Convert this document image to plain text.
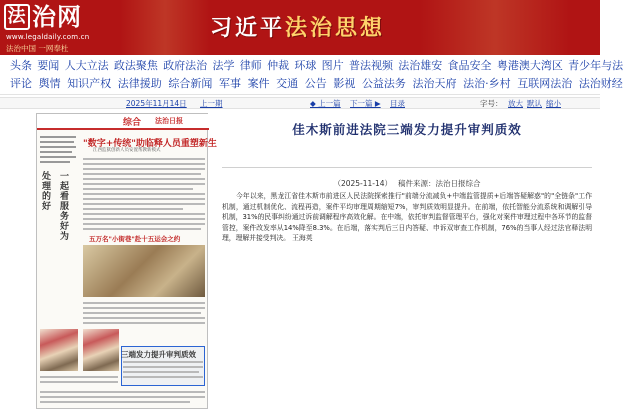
法 治网
www.legaldaily.com.cn
法治中国 一网奉杜
习近平 法治思想
头条 要闻 人大立法 政法聚焦 政府法治 法学 律师 仲裁 环球 图片 普法视频 法治雄安 食品安全 粤港澳大湾区 青少年与法
评论 舆情 知识产权 法律援助 综合新闻 军事 案件 交通 公告 影视 公益法务 法治天府 法治·乡村 互联网法治 法治财经
2025年11月14日 上一期	◆ 上一篇 下一篇 ▶ 目录	字号： 放大 默认 缩小
综合 法治日报
处理的好
一起看 服务好为
"数字+传统"助临释人员重塑新生
江西监狱创新人员安置帮教新模式
五万名"小街巷"赴十五运会之约
三端发力提升审判质效
佳木斯前进法院三端发力提升审判质效
（2025-11-14） 稿件来源：法治日报综合

今年以来，黑龙江省佳木斯市前进区人民法院探索推行"前端分流减负+中端监管提质+后端答疑解惑"的"全链条"工作机制，通过机制优化、流程再造，案件平均审理周期缩短7%，审判质效明显提升。在前端，依托智能分流系统和调解引导机制，31%的民事纠纷通过诉前调解程序高效化解。在中端，依托审判监督管理平台，强化对案件审理过程中各环节的监督管控，案件改发率从14%降至8.3%。在后端，落实判后三日内答疑、申诉双审查工作机制，76%的当事人经过法官释法明理，理解并接受判决。 王海英
